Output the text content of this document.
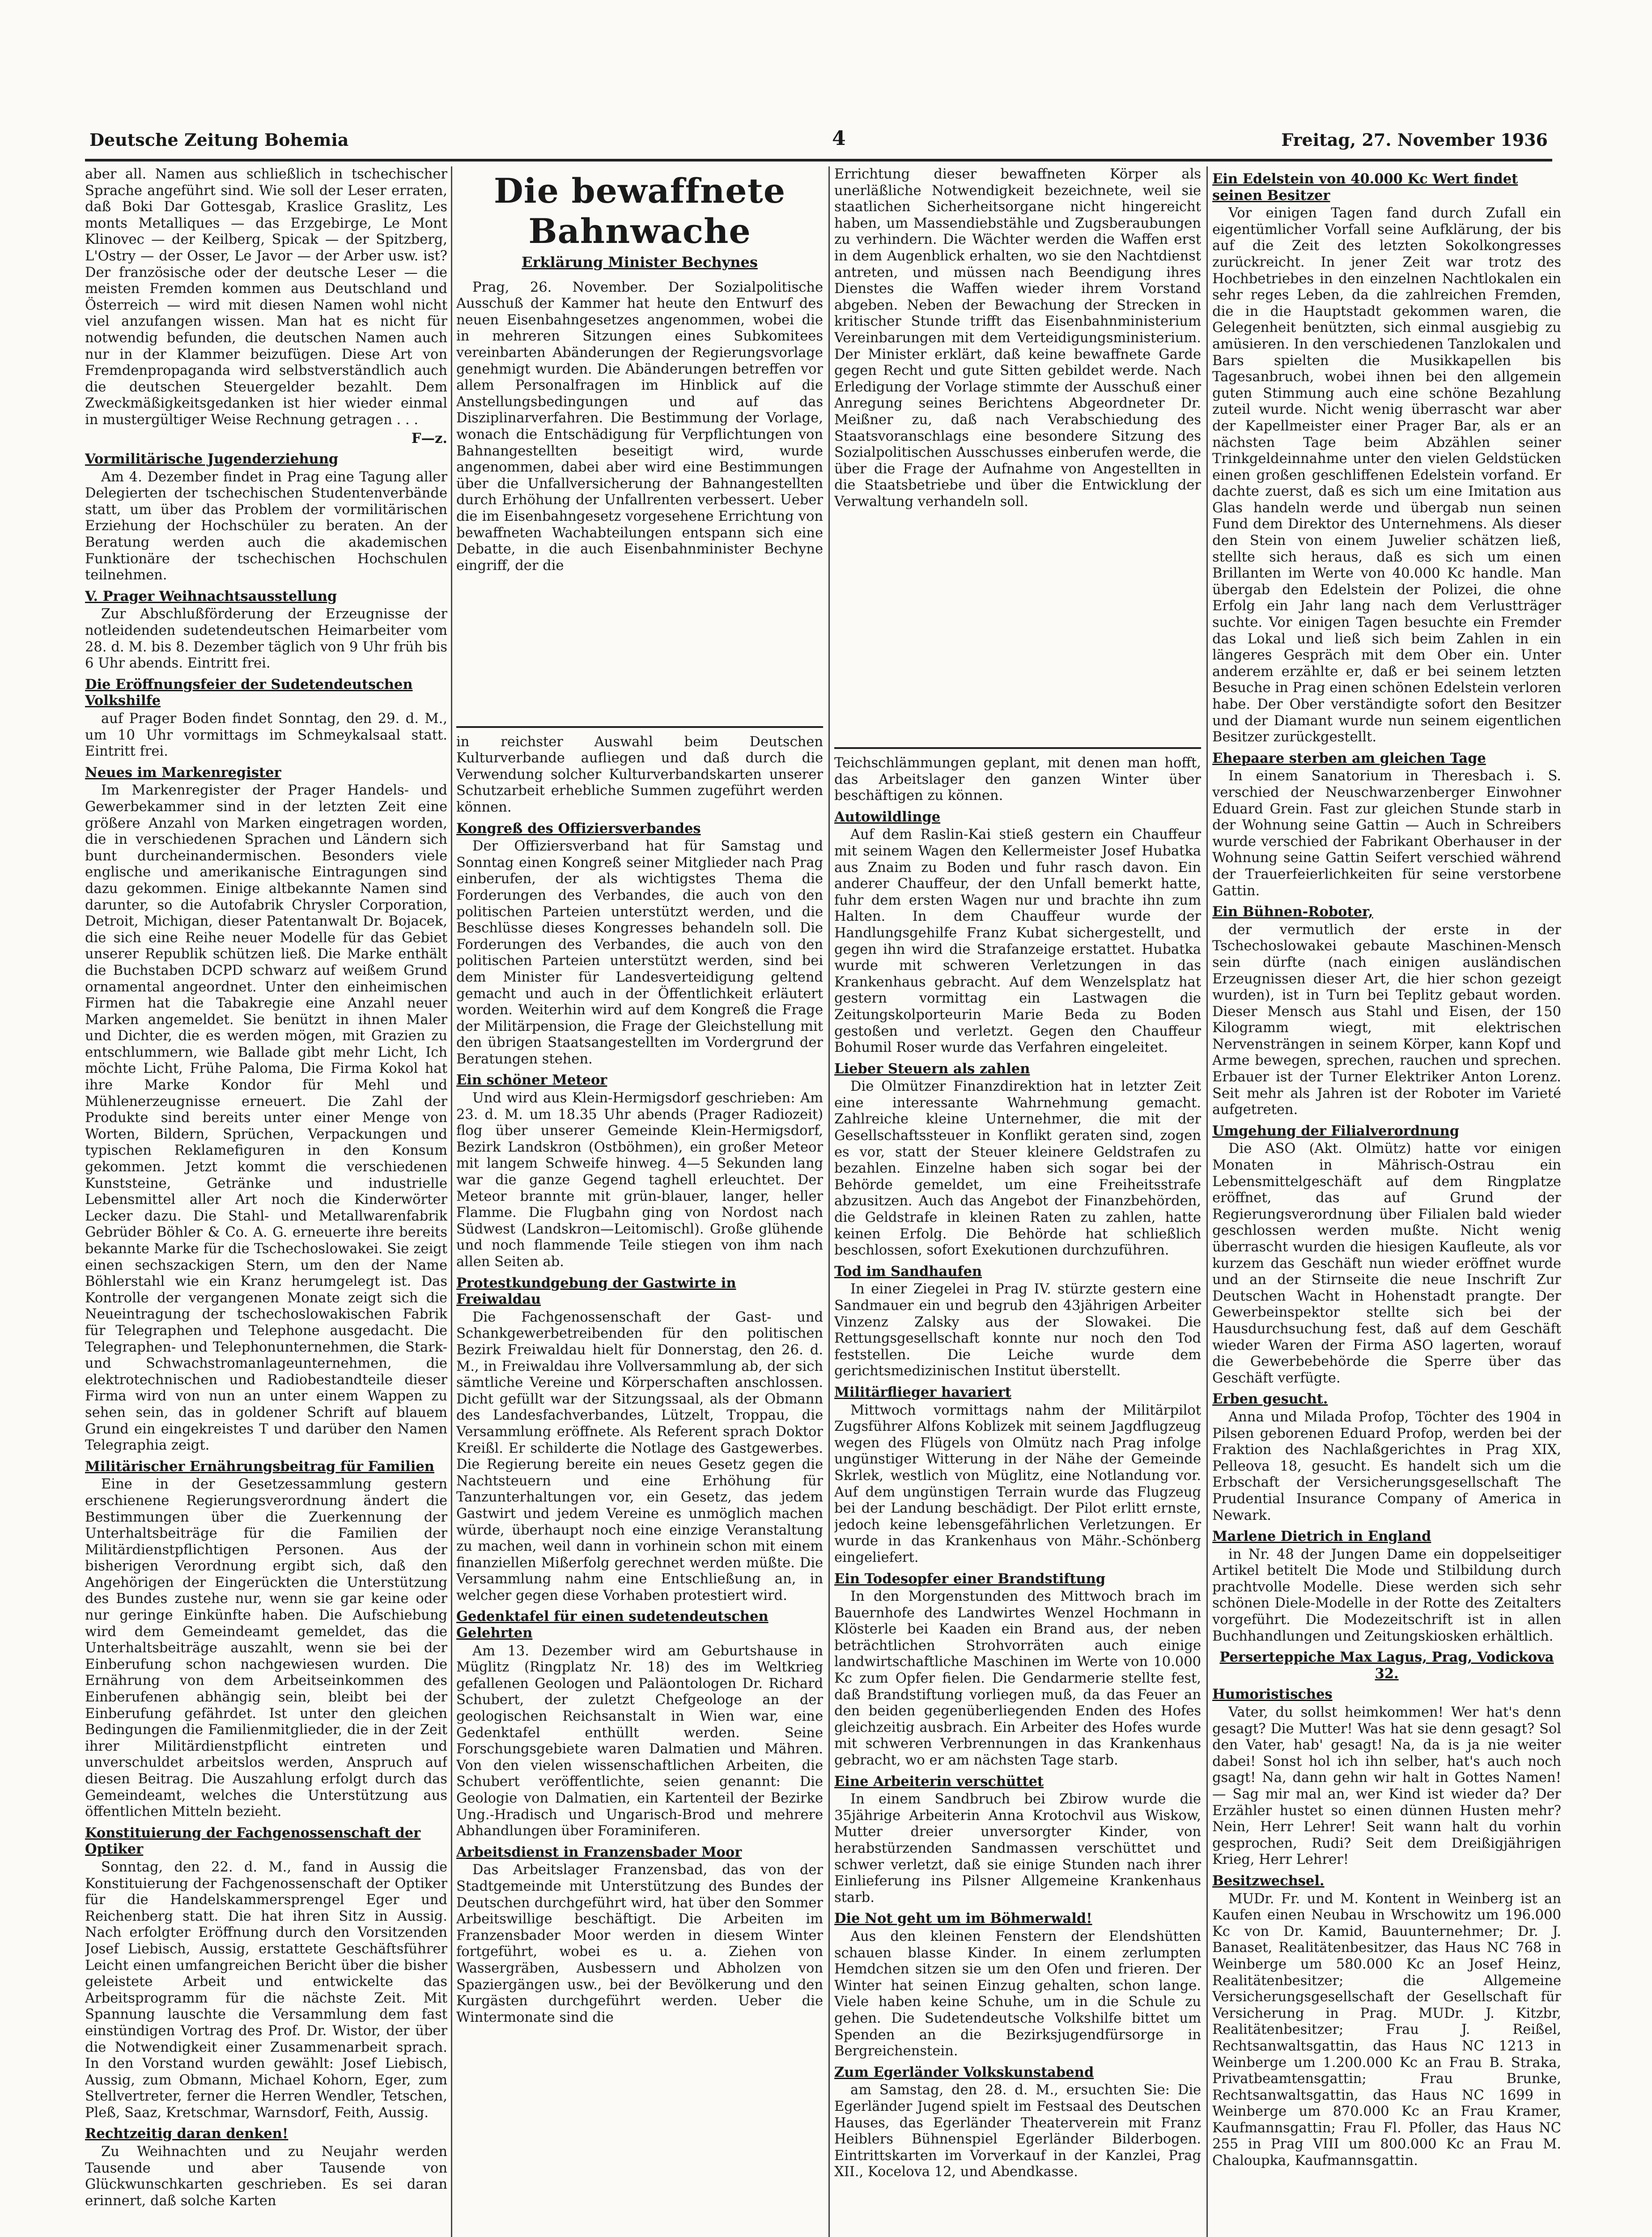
Deutsche Zeitung Bohemia	4	Freitag, 27. November 1936

aber all. Namen aus schließlich in tschechischer Sprache angeführt sind. Wie soll der Leser erraten, daß Boki Dar Gottesgab, Kraslice Graslitz, Les monts Metalliques — das Erzgebirge, Le Mont Klinovec — der Keilberg, Spicak — der Spitzberg, L'Ostry — der Osser, Le Javor — der Arber usw. ist? Der französische oder der deutsche Leser — die meisten Fremden kommen aus Deutschland und Österreich — wird mit diesen Namen wohl nicht viel anzufangen wissen. Man hat es nicht für notwendig befunden, die deutschen Namen auch nur in der Klammer beizufügen. Diese Art von Fremdenpropaganda wird selbstverständlich auch die deutschen Steuergelder bezahlt. Dem Zweckmäßigkeitsgedanken ist hier wieder einmal in mustergültiger Weise Rechnung getragen . . .

F—z.
Vormilitärische Jugenderziehung

Am 4. Dezember findet in Prag eine Tagung aller Delegierten der tschechischen Studentenverbände statt, um über das Problem der vormilitärischen Erziehung der Hochschüler zu beraten. An der Beratung werden auch die akademischen Funktionäre der tschechischen Hochschulen teilnehmen.

V. Prager Weihnachtsausstellung

Zur Abschlußförderung der Erzeugnisse der notleidenden sudetendeutschen Heimarbeiter vom 28. d. M. bis 8. Dezember täglich von 9 Uhr früh bis 6 Uhr abends. Eintritt frei.

Die Eröffnungsfeier der Sudetendeutschen Volkshilfe

auf Prager Boden findet Sonntag, den 29. d. M., um 10 Uhr vormittags im Schmeykalsaal statt. Eintritt frei.

Neues im Markenregister

Im Markenregister der Prager Handels- und Gewerbekammer sind in der letzten Zeit eine größere Anzahl von Marken eingetragen worden, die in verschiedenen Sprachen und Ländern sich bunt durcheinandermischen. Besonders viele englische und amerikanische Eintragungen sind dazu gekommen. Einige altbekannte Namen sind darunter, so die Autofabrik Chrysler Corporation, Detroit, Michigan, dieser Patentanwalt Dr. Bojacek, die sich eine Reihe neuer Modelle für das Gebiet unserer Republik schützen ließ. Die Marke enthält die Buchstaben DCPD schwarz auf weißem Grund ornamental angeordnet. Unter den einheimischen Firmen hat die Tabakregie eine Anzahl neuer Marken angemeldet. Sie benützt in ihnen Maler und Dichter, die es werden mögen, mit Grazien zu entschlummern, wie Ballade gibt mehr Licht, Ich möchte Licht, Frühe Paloma, Die Firma Kokol hat ihre Marke Kondor für Mehl und Mühlenerzeugnisse erneuert. Die Zahl der Produkte sind bereits unter einer Menge von Worten, Bildern, Sprüchen, Verpackungen und typischen Reklamefiguren in den Konsum gekommen. Jetzt kommt die verschiedenen Kunststeine, Getränke und industrielle Lebensmittel aller Art noch die Kinderwörter Lecker dazu. Die Stahl- und Metallwarenfabrik Gebrüder Böhler & Co. A. G. erneuerte ihre bereits bekannte Marke für die Tschechoslowakei. Sie zeigt einen sechszackigen Stern, um den der Name Böhlerstahl wie ein Kranz herumgelegt ist. Das Kontrolle der vergangenen Monate zeigt sich die Neueintragung der tschechoslowakischen Fabrik für Telegraphen und Telephone ausgedacht. Die Telegraphen- und Telephonunternehmen, die Stark- und Schwachstromanlageunternehmen, die elektrotechnischen und Radiobestandteile dieser Firma wird von nun an unter einem Wappen zu sehen sein, das in goldener Schrift auf blauem Grund ein eingekreistes T und darüber den Namen Telegraphia zeigt.

Militärischer Ernährungsbeitrag für Familien

Eine in der Gesetzessammlung gestern erschienene Regierungsverordnung ändert die Bestimmungen über die Zuerkennung der Unterhaltsbeiträge für die Familien der Militärdienstpflichtigen Personen. Aus der bisherigen Verordnung ergibt sich, daß den Angehörigen der Eingerückten die Unterstützung des Bundes zustehe nur, wenn sie gar keine oder nur geringe Einkünfte haben. Die Aufschiebung wird dem Gemeindeamt gemeldet, das die Unterhaltsbeiträge auszahlt, wenn sie bei der Einberufung schon nachgewiesen wurden. Die Ernährung von dem Arbeitseinkommen des Einberufenen abhängig sein, bleibt bei der Einberufung gefährdet. Ist unter den gleichen Bedingungen die Familienmitglieder, die in der Zeit ihrer Militärdienstpflicht eintreten und unverschuldet arbeitslos werden, Anspruch auf diesen Beitrag. Die Auszahlung erfolgt durch das Gemeindeamt, welches die Unterstützung aus öffentlichen Mitteln bezieht.

Konstituierung der Fachgenossenschaft der Optiker

Sonntag, den 22. d. M., fand in Aussig die Konstituierung der Fachgenossenschaft der Optiker für die Handelskammersprengel Eger und Reichenberg statt. Die hat ihren Sitz in Aussig. Nach erfolgter Eröffnung durch den Vorsitzenden Josef Liebisch, Aussig, erstattete Geschäftsführer Leicht einen umfangreichen Bericht über die bisher geleistete Arbeit und entwickelte das Arbeitsprogramm für die nächste Zeit. Mit Spannung lauschte die Versammlung dem fast einstündigen Vortrag des Prof. Dr. Wistor, der über die Notwendigkeit einer Zusammenarbeit sprach. In den Vorstand wurden gewählt: Josef Liebisch, Aussig, zum Obmann, Michael Kohorn, Eger, zum Stellvertreter, ferner die Herren Wendler, Tetschen, Pleß, Saaz, Kretschmar, Warnsdorf, Feith, Aussig.

Rechtzeitig daran denken!

Zu Weihnachten und zu Neujahr werden Tausende und aber Tausende von Glückwunschkarten geschrieben. Es sei daran erinnert, daß solche Karten

Die bewaffnete Bahnwache
Erklärung Minister Bechynes

Prag, 26. November. Der Sozialpolitische Ausschuß der Kammer hat heute den Entwurf des neuen Eisenbahngesetzes angenommen, wobei die in mehreren Sitzungen eines Subkomitees vereinbarten Abänderungen der Regierungsvorlage genehmigt wurden. Die Abänderungen betreffen vor allem Personalfragen im Hinblick auf die Anstellungsbedingungen und auf das Disziplinarverfahren. Die Bestimmung der Vorlage, wonach die Entschädigung für Verpflichtungen von Bahnangestellten beseitigt wird, wurde angenommen, dabei aber wird eine Bestimmungen über die Unfallversicherung der Bahnangestellten durch Erhöhung der Unfallrenten verbessert. Ueber die im Eisenbahngesetz vorgesehene Errichtung von bewaffneten Wachabteilungen entspann sich eine Debatte, in die auch Eisenbahnminister Bechyne eingriff, der die

in reichster Auswahl beim Deutschen Kulturverbande aufliegen und daß durch die Verwendung solcher Kulturverbandskarten unserer Schutzarbeit erhebliche Summen zugeführt werden können.

Kongreß des Offiziersverbandes

Der Offiziersverband hat für Samstag und Sonntag einen Kongreß seiner Mitglieder nach Prag einberufen, der als wichtigstes Thema die Forderungen des Verbandes, die auch von den politischen Parteien unterstützt werden, und die Beschlüsse dieses Kongresses behandeln soll. Die Forderungen des Verbandes, die auch von den politischen Parteien unterstützt werden, sind bei dem Minister für Landesverteidigung geltend gemacht und auch in der Öffentlichkeit erläutert worden. Weiterhin wird auf dem Kongreß die Frage der Militärpension, die Frage der Gleichstellung mit den übrigen Staatsangestellten im Vordergrund der Beratungen stehen.

Ein schöner Meteor

Und wird aus Klein-Hermigsdorf geschrieben: Am 23. d. M. um 18.35 Uhr abends (Prager Radiozeit) flog über unserer Gemeinde Klein-Hermigsdorf, Bezirk Landskron (Ostböhmen), ein großer Meteor mit langem Schweife hinweg. 4—5 Sekunden lang war die ganze Gegend taghell erleuchtet. Der Meteor brannte mit grün-blauer, langer, heller Flamme. Die Flugbahn ging von Nordost nach Südwest (Landskron—Leitomischl). Große glühende und noch flammende Teile stiegen von ihm nach allen Seiten ab.

Protestkundgebung der Gastwirte in Freiwaldau

Die Fachgenossenschaft der Gast- und Schankgewerbetreibenden für den politischen Bezirk Freiwaldau hielt für Donnerstag, den 26. d. M., in Freiwaldau ihre Vollversammlung ab, der sich sämtliche Vereine und Körperschaften anschlossen. Dicht gefüllt war der Sitzungssaal, als der Obmann des Landesfachverbandes, Lützelt, Troppau, die Versammlung eröffnete. Als Referent sprach Doktor Kreißl. Er schilderte die Notlage des Gastgewerbes. Die Regierung bereite ein neues Gesetz gegen die Nachtsteuern und eine Erhöhung für Tanzunterhaltungen vor, ein Gesetz, das jedem Gastwirt und jedem Vereine es unmöglich machen würde, überhaupt noch eine einzige Veranstaltung zu machen, weil dann in vorhinein schon mit einem finanziellen Mißerfolg gerechnet werden müßte. Die Versammlung nahm eine Entschließung an, in welcher gegen diese Vorhaben protestiert wird.

Gedenktafel für einen sudetendeutschen Gelehrten

Am 13. Dezember wird am Geburtshause in Müglitz (Ringplatz Nr. 18) des im Weltkrieg gefallenen Geologen und Paläontologen Dr. Richard Schubert, der zuletzt Chefgeologe an der geologischen Reichsanstalt in Wien war, eine Gedenktafel enthüllt werden. Seine Forschungsgebiete waren Dalmatien und Mähren. Von den vielen wissenschaftlichen Arbeiten, die Schubert veröffentlichte, seien genannt: Die Geologie von Dalmatien, ein Kartenteil der Bezirke Ung.-Hradisch und Ungarisch-Brod und mehrere Abhandlungen über Foraminiferen.

Arbeitsdienst in Franzensbader Moor

Das Arbeitslager Franzensbad, das von der Stadtgemeinde mit Unterstützung des Bundes der Deutschen durchgeführt wird, hat über den Sommer Arbeitswillige beschäftigt. Die Arbeiten im Franzensbader Moor werden in diesem Winter fortgeführt, wobei es u. a. Ziehen von Wassergräben, Ausbessern und Abholzen von Spaziergängen usw., bei der Bevölkerung und den Kurgästen durchgeführt werden. Ueber die Wintermonate sind die

Errichtung dieser bewaffneten Körper als unerläßliche Notwendigkeit bezeichnete, weil sie staatlichen Sicherheitsorgane nicht hingereicht haben, um Massendiebstähle und Zugsberaubungen zu verhindern. Die Wächter werden die Waffen erst in dem Augenblick erhalten, wo sie den Nachtdienst antreten, und müssen nach Beendigung ihres Dienstes die Waffen wieder ihrem Vorstand abgeben. Neben der Bewachung der Strecken in kritischer Stunde trifft das Eisenbahnministerium Vereinbarungen mit dem Verteidigungsministerium. Der Minister erklärt, daß keine bewaffnete Garde gegen Recht und gute Sitten gebildet werde. Nach Erledigung der Vorlage stimmte der Ausschuß einer Anregung seines Berichtens Abgeordneter Dr. Meißner zu, daß nach Verabschiedung des Staatsvoranschlags eine besondere Sitzung des Sozialpolitischen Ausschusses einberufen werde, die über die Frage der Aufnahme von Angestellten in die Staatsbetriebe und über die Entwicklung der Verwaltung verhandeln soll.

Teichschlämmungen geplant, mit denen man hofft, das Arbeitslager den ganzen Winter über beschäftigen zu können.

Autowildlinge

Auf dem Raslin-Kai stieß gestern ein Chauffeur mit seinem Wagen den Kellermeister Josef Hubatka aus Znaim zu Boden und fuhr rasch davon. Ein anderer Chauffeur, der den Unfall bemerkt hatte, fuhr dem ersten Wagen nur und brachte ihn zum Halten. In dem Chauffeur wurde der Handlungsgehilfe Franz Kubat sichergestellt, und gegen ihn wird die Strafanzeige erstattet. Hubatka wurde mit schweren Verletzungen in das Krankenhaus gebracht. Auf dem Wenzelsplatz hat gestern vormittag ein Lastwagen die Zeitungskolporteurin Marie Beda zu Boden gestoßen und verletzt. Gegen den Chauffeur Bohumil Roser wurde das Verfahren eingeleitet.

Lieber Steuern als zahlen

Die Olmützer Finanzdirektion hat in letzter Zeit eine interessante Wahrnehmung gemacht. Zahlreiche kleine Unternehmer, die mit der Gesellschaftssteuer in Konflikt geraten sind, zogen es vor, statt der Steuer kleinere Geldstrafen zu bezahlen. Einzelne haben sich sogar bei der Behörde gemeldet, um eine Freiheitsstrafe abzusitzen. Auch das Angebot der Finanzbehörden, die Geldstrafe in kleinen Raten zu zahlen, hatte keinen Erfolg. Die Behörde hat schließlich beschlossen, sofort Exekutionen durchzuführen.

Tod im Sandhaufen

In einer Ziegelei in Prag IV. stürzte gestern eine Sandmauer ein und begrub den 43jährigen Arbeiter Vinzenz Zalsky aus der Slowakei. Die Rettungsgesellschaft konnte nur noch den Tod feststellen. Die Leiche wurde dem gerichtsmedizinischen Institut überstellt.

Militärflieger havariert

Mittwoch vormittags nahm der Militärpilot Zugsführer Alfons Koblizek mit seinem Jagdflugzeug wegen des Flügels von Olmütz nach Prag infolge ungünstiger Witterung in der Nähe der Gemeinde Skrlek, westlich von Müglitz, eine Notlandung vor. Auf dem ungünstigen Terrain wurde das Flugzeug bei der Landung beschädigt. Der Pilot erlitt ernste, jedoch keine lebensgefährlichen Verletzungen. Er wurde in das Krankenhaus von Mähr.-Schönberg eingeliefert.

Ein Todesopfer einer Brandstiftung

In den Morgenstunden des Mittwoch brach im Bauernhofe des Landwirtes Wenzel Hochmann in Klösterle bei Kaaden ein Brand aus, der neben beträchtlichen Strohvorräten auch einige landwirtschaftliche Maschinen im Werte von 10.000 Kc zum Opfer fielen. Die Gendarmerie stellte fest, daß Brandstiftung vorliegen muß, da das Feuer an den beiden gegenüberliegenden Enden des Hofes gleichzeitig ausbrach. Ein Arbeiter des Hofes wurde mit schweren Verbrennungen in das Krankenhaus gebracht, wo er am nächsten Tage starb.

Eine Arbeiterin verschüttet

In einem Sandbruch bei Zbirow wurde die 35jährige Arbeiterin Anna Krotochvil aus Wiskow, Mutter dreier unversorgter Kinder, von herabstürzenden Sandmassen verschüttet und schwer verletzt, daß sie einige Stunden nach ihrer Einlieferung ins Pilsner Allgemeine Krankenhaus starb.

Die Not geht um im Böhmerwald!

Aus den kleinen Fenstern der Elendshütten schauen blasse Kinder. In einem zerlumpten Hemdchen sitzen sie um den Ofen und frieren. Der Winter hat seinen Einzug gehalten, schon lange. Viele haben keine Schuhe, um in die Schule zu gehen. Die Sudetendeutsche Volkshilfe bittet um Spenden an die Bezirksjugendfürsorge in Bergreichenstein.

Zum Egerländer Volkskunstabend

am Samstag, den 28. d. M., ersuchten Sie: Die Egerländer Jugend spielt im Festsaal des Deutschen Hauses, das Egerländer Theaterverein mit Franz Heiblers Bühnenspiel Egerländer Bilderbogen. Eintrittskarten im Vorverkauf in der Kanzlei, Prag XII., Kocelova 12, und Abendkasse.

Ein Edelstein von 40.000 Kc Wert findet seinen Besitzer

Vor einigen Tagen fand durch Zufall ein eigentümlicher Vorfall seine Aufklärung, der bis auf die Zeit des letzten Sokolkongresses zurückreicht. In jener Zeit war trotz des Hochbetriebes in den einzelnen Nachtlokalen ein sehr reges Leben, da die zahlreichen Fremden, die in die Hauptstadt gekommen waren, die Gelegenheit benützten, sich einmal ausgiebig zu amüsieren. In den verschiedenen Tanzlokalen und Bars spielten die Musikkapellen bis Tagesanbruch, wobei ihnen bei den allgemein guten Stimmung auch eine schöne Bezahlung zuteil wurde. Nicht wenig überrascht war aber der Kapellmeister einer Prager Bar, als er an nächsten Tage beim Abzählen seiner Trinkgeldeinnahme unter den vielen Geldstücken einen großen geschliffenen Edelstein vorfand. Er dachte zuerst, daß es sich um eine Imitation aus Glas handeln werde und übergab nun seinen Fund dem Direktor des Unternehmens. Als dieser den Stein von einem Juwelier schätzen ließ, stellte sich heraus, daß es sich um einen Brillanten im Werte von 40.000 Kc handle. Man übergab den Edelstein der Polizei, die ohne Erfolg ein Jahr lang nach dem Verlustträger suchte. Vor einigen Tagen besuchte ein Fremder das Lokal und ließ sich beim Zahlen in ein längeres Gespräch mit dem Ober ein. Unter anderem erzählte er, daß er bei seinem letzten Besuche in Prag einen schönen Edelstein verloren habe. Der Ober verständigte sofort den Besitzer und der Diamant wurde nun seinem eigentlichen Besitzer zurückgestellt.

Ehepaare sterben am gleichen Tage

In einem Sanatorium in Theresbach i. S. verschied der Neuschwarzenberger Einwohner Eduard Grein. Fast zur gleichen Stunde starb in der Wohnung seine Gattin — Auch in Schreibers wurde verschied der Fabrikant Oberhauser in der Wohnung seine Gattin Seifert verschied während der Trauerfeierlichkeiten für seine verstorbene Gattin.

Ein Bühnen-Roboter,

der vermutlich der erste in der Tschechoslowakei gebaute Maschinen-Mensch sein dürfte (nach einigen ausländischen Erzeugnissen dieser Art, die hier schon gezeigt wurden), ist in Turn bei Teplitz gebaut worden. Dieser Mensch aus Stahl und Eisen, der 150 Kilogramm wiegt, mit elektrischen Nervensträngen in seinem Körper, kann Kopf und Arme bewegen, sprechen, rauchen und sprechen. Erbauer ist der Turner Elektriker Anton Lorenz. Seit mehr als Jahren ist der Roboter im Varieté aufgetreten.

Umgehung der Filialverordnung

Die ASO (Akt. Olmütz) hatte vor einigen Monaten in Mährisch-Ostrau ein Lebensmittelgeschäft auf dem Ringplatze eröffnet, das auf Grund der Regierungsverordnung über Filialen bald wieder geschlossen werden mußte. Nicht wenig überrascht wurden die hiesigen Kaufleute, als vor kurzem das Geschäft nun wieder eröffnet wurde und an der Stirnseite die neue Inschrift Zur Deutschen Wacht in Hohenstadt prangte. Der Gewerbeinspektor stellte sich bei der Hausdurchsuchung fest, daß auf dem Geschäft wieder Waren der Firma ASO lagerten, worauf die Gewerbebehörde die Sperre über das Geschäft verfügte.

Erben gesucht.

Anna und Milada Profop, Töchter des 1904 in Pilsen geborenen Eduard Profop, werden bei der Fraktion des Nachlaßgerichtes in Prag XIX, Pelleova 18, gesucht. Es handelt sich um die Erbschaft der Versicherungsgesellschaft The Prudential Insurance Company of America in Newark.

Marlene Dietrich in England

in Nr. 48 der Jungen Dame ein doppelseitiger Artikel betitelt Die Mode und Stilbildung durch prachtvolle Modelle. Diese werden sich sehr schönen Diele-Modelle in der Rotte des Zeitalters vorgeführt. Die Modezeitschrift ist in allen Buchhandlungen und Zeitungskiosken erhältlich.

Perserteppiche Max Lagus, Prag, Vodickova 32.
Humoristisches

Vater, du sollst heimkommen! Wer hat's denn gesagt? Die Mutter! Was hat sie denn gesagt? Sol den Vater, hab' gesagt! Na, da is ja nie weiter dabei! Sonst hol ich ihn selber, hat's auch noch gsagt! Na, dann gehn wir halt in Gottes Namen! — Sag mir mal an, wer Kind ist wieder da? Der Erzähler hustet so einen dünnen Husten mehr? Nein, Herr Lehrer! Seit wann halt du vorhin gesprochen, Rudi? Seit dem Dreißigjährigen Krieg, Herr Lehrer!

Besitzwechsel.

MUDr. Fr. und M. Kontent in Weinberg ist an Kaufen einen Neubau in Wrschowitz um 196.000 Kc von Dr. Kamid, Bauunternehmer; Dr. J. Banaset, Realitätenbesitzer, das Haus NC 768 in Weinberge um 580.000 Kc an Josef Heinz, Realitätenbesitzer; die Allgemeine Versicherungsgesellschaft der Gesellschaft für Versicherung in Prag. MUDr. J. Kitzbr, Realitätenbesitzer; Frau J. Reißel, Rechtsanwaltsgattin, das Haus NC 1213 in Weinberge um 1.200.000 Kc an Frau B. Straka, Privatbeamtensgattin; Frau Brunke, Rechtsanwaltsgattin, das Haus NC 1699 in Weinberge um 870.000 Kc an Frau Kramer, Kaufmannsgattin; Frau Fl. Pfoller, das Haus NC 255 in Prag VIII um 800.000 Kc an Frau M. Chaloupka, Kaufmannsgattin.
